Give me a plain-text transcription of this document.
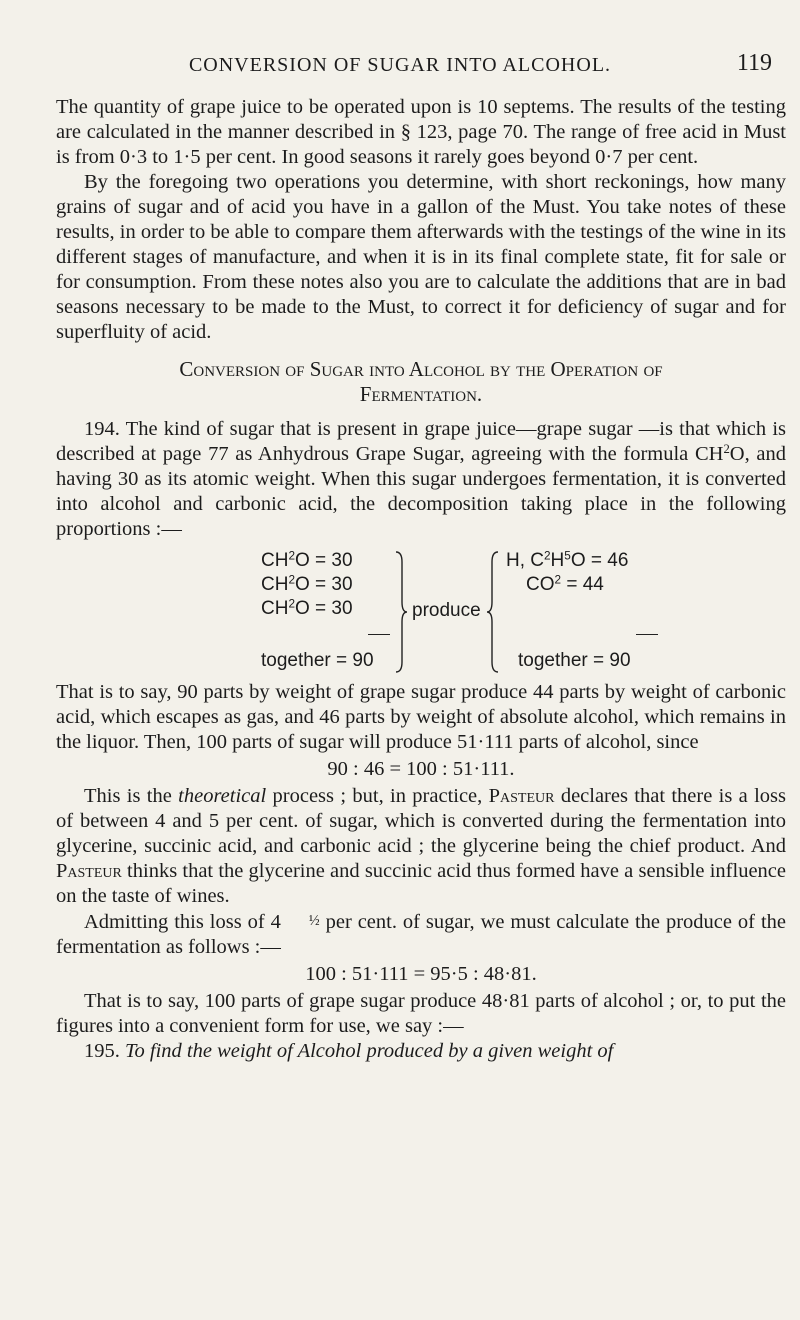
CONVERSION OF SUGAR INTO ALCOHOL.	119

The quantity of grape juice to be operated upon is 10 septems. The results of the testing are calculated in the manner described in § 123, page 70. The range of free acid in Must is from 0·3 to 1·5 per cent. In good seasons it rarely goes beyond 0·7 per cent.

By the foregoing two operations you determine, with short reckonings, how many grains of sugar and of acid you have in a gallon of the Must. You take notes of these results, in order to be able to compare them afterwards with the testings of the wine in its different stages of manufacture, and when it is in its final complete state, fit for sale or for consumption. From these notes also you are to calculate the additions that are in bad seasons necessary to be made to the Must, to correct it for deficiency of sugar and for superfluity of acid.

Conversion of Sugar into Alcohol by the Operation of
Fermentation.

194. The kind of sugar that is present in grape juice—grape sugar —is that which is described at page 77 as Anhydrous Grape Sugar, agreeing with the formula $CH^2O$, and having 30 as its atomic weight. When this sugar undergoes fermentation, it is converted into alcohol and carbonic acid, the decomposition taking place in the following proportions :—

$CH^2O = 30$
$CH^2O = 30$
$CH^2O = 30$
together = 90
produce
H, $C^2H^5O = 46$
$CO^2 = 44$
together = 90

That is to say, 90 parts by weight of grape sugar produce 44 parts by weight of carbonic acid, which escapes as gas, and 46 parts by weight of absolute alcohol, which remains in the liquor. Then, 100 parts of sugar will produce 51·111 parts of alcohol, since

90 : 46 = 100 : 51·111.

This is the theoretical process ; but, in practice, Pasteur declares that there is a loss of between 4 and 5 per cent. of sugar, which is converted during the fermentation into glycerine, succinic acid, and carbonic acid ; the glycerine being the chief product. And Pasteur thinks that the glycerine and succinic acid thus formed have a sensible influence on the taste of wines.

Admitting this loss of 4 ½ per cent. of sugar, we must calculate the produce of the fermentation as follows :—

100 : 51·111 = 95·5 : 48·81.

That is to say, 100 parts of grape sugar produce 48·81 parts of alcohol ; or, to put the figures into a convenient form for use, we say :—

195. To find the weight of Alcohol produced by a given weight of
